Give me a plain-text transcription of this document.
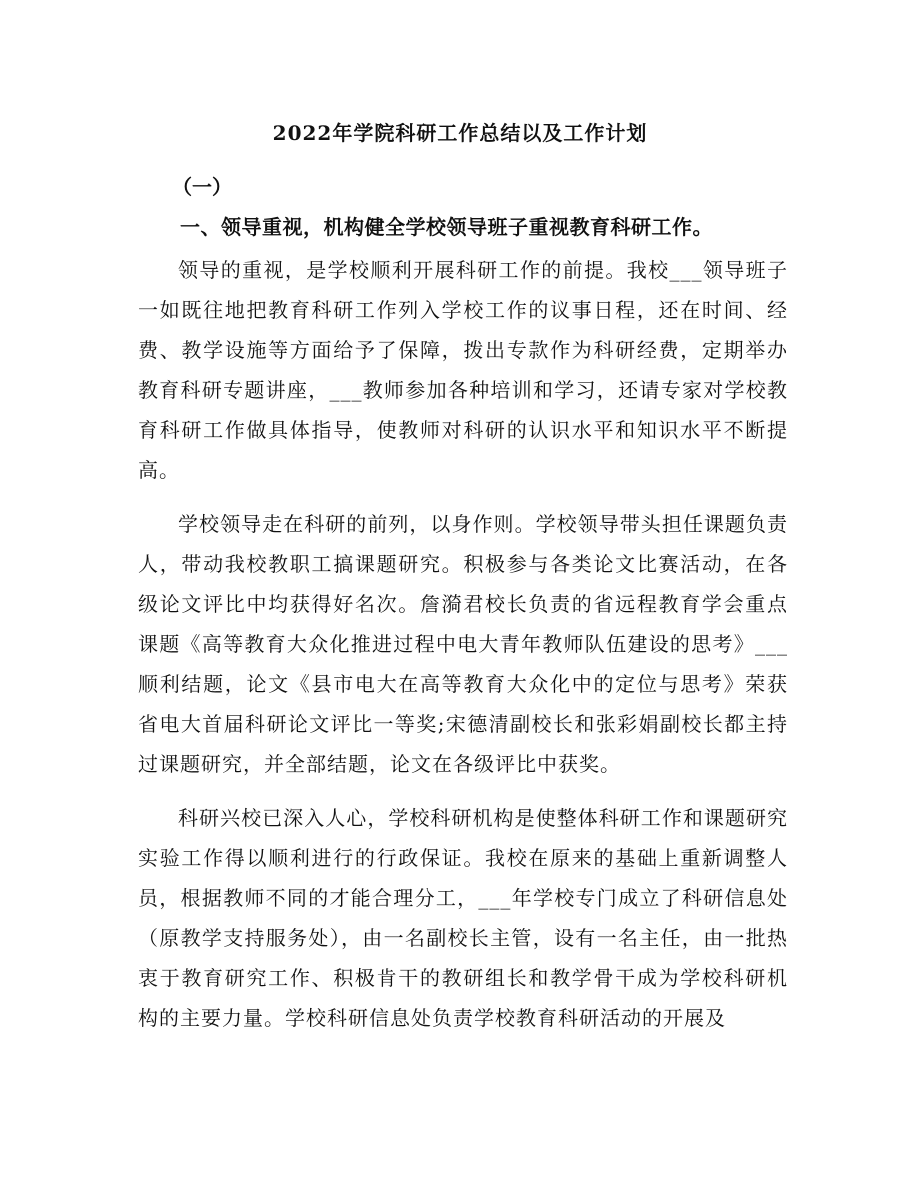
2022年学院科研工作总结以及工作计划
（一）
一、领导重视，机构健全学校领导班子重视教育科研工作。

领导的重视，是学校顺利开展科研工作的前提。我校___领导班子一如既往地把教育科研工作列入学校工作的议事日程，还在时间、经费、教学设施等方面给予了保障，拨出专款作为科研经费，定期举办教育科研专题讲座，___教师参加各种培训和学习，还请专家对学校教育科研工作做具体指导，使教师对科研的认识水平和知识水平不断提高。

学校领导走在科研的前列，以身作则。学校领导带头担任课题负责人，带动我校教职工搞课题研究。积极参与各类论文比赛活动，在各级论文评比中均获得好名次。詹漪君校长负责的省远程教育学会重点课题《高等教育大众化推进过程中电大青年教师队伍建设的思考》___顺利结题，论文《县市电大在高等教育大众化中的定位与思考》荣获省电大首届科研论文评比一等奖;宋德清副校长和张彩娟副校长都主持过课题研究，并全部结题，论文在各级评比中获奖。

科研兴校已深入人心，学校科研机构是使整体科研工作和课题研究实验工作得以顺利进行的行政保证。我校在原来的基础上重新调整人员，根据教师不同的才能合理分工，___年学校专门成立了科研信息处（原教学支持服务处），由一名副校长主管，设有一名主任，由一批热衷于教育研究工作、积极肯干的教研组长和教学骨干成为学校科研机构的主要力量。学校科研信息处负责学校教育科研活动的开展及
